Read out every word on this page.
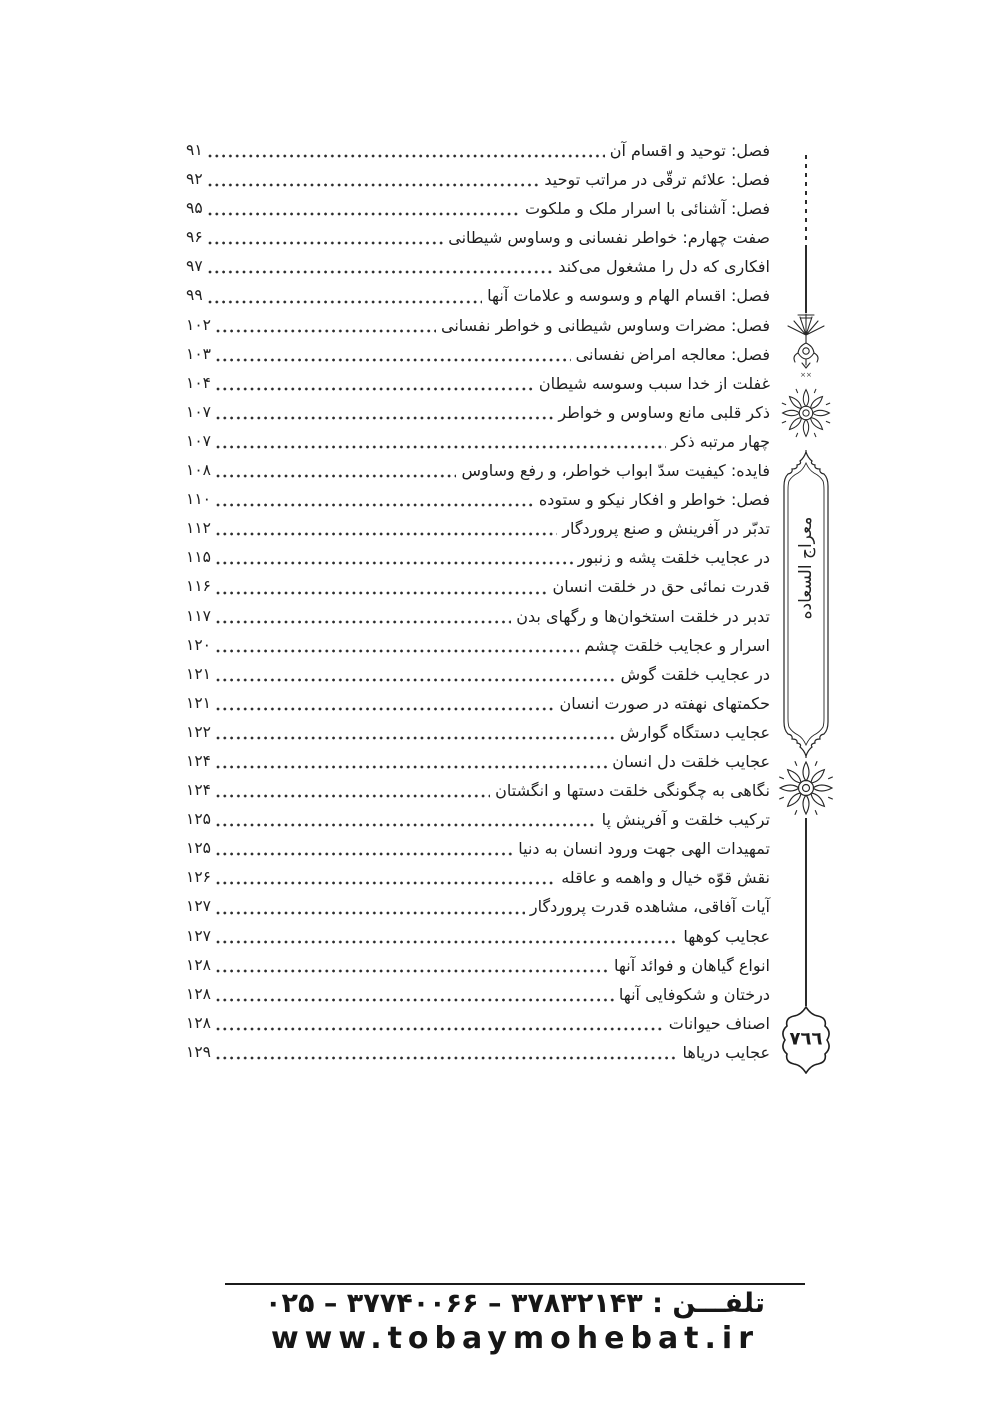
فصل: توحید و اقسام آن
۹۱
فصل: علائم ترقّی در مراتب توحید
۹۲
فصل: آشنائی با اسرار ملک و ملکوت
۹۵
صفت چهارم: خواطر نفسانی و وساوس شیطانی
۹۶
افکاری که دل را مشغول می‌کند
۹۷
فصل: اقسام الهام و وسوسه و علامات آنها
۹۹
فصل: مضرات وساوس شیطانی و خواطر نفسانی
۱۰۲
فصل: معالجه امراض نفسانی
۱۰۳
غفلت از خدا سبب وسوسه شیطان
۱۰۴
ذکر قلبی مانع وساوس و خواطر
۱۰۷
چهار مرتبه ذکر
۱۰۷
فایده: کیفیت سدّ ابواب خواطر، و رفع وساوس
۱۰۸
فصل: خواطر و افکار نیکو و ستوده
۱۱۰
تدبّر در آفرینش و صنع پروردگار
۱۱۲
در عجایب خلقت پشه و زنبور
۱۱۵
قدرت نمائی حق در خلقت انسان
۱۱۶
تدبر در خلقت استخوان‌ها و رگهای بدن
۱۱۷
اسرار و عجایب خلقت چشم
۱۲۰
در عجایب خلقت گوش
۱۲۱
حکمتهای نهفته در صورت انسان
۱۲۱
عجایب دستگاه گوارش
۱۲۲
عجایب خلقت دل انسان
۱۲۴
نگاهی به چگونگی خلقت دستها و انگشتان
۱۲۴
ترکیب خلقت و آفرینش پا
۱۲۵
تمهیدات الهی جهت ورود انسان به دنیا
۱۲۵
نقش قوّه خیال و واهمه و عاقله
۱۲۶
آیات آفاقی، مشاهده قدرت پروردگار
۱۲۷
عجایب کوهها
۱۲۷
انواع گیاهان و فوائد آنها
۱۲۸
درختان و شکوفایی آنها
۱۲۸
اصناف حیوانات
۱۲۸
عجایب دریاها
۱۲۹
××
معراج السعاده
٧٦٦
تلفـــن : ۳۷۸۳۲۱۴۳ – ۳۷۷۴۰۰۶۶ – ۰۲۵
www.tobaymohebat.ir
